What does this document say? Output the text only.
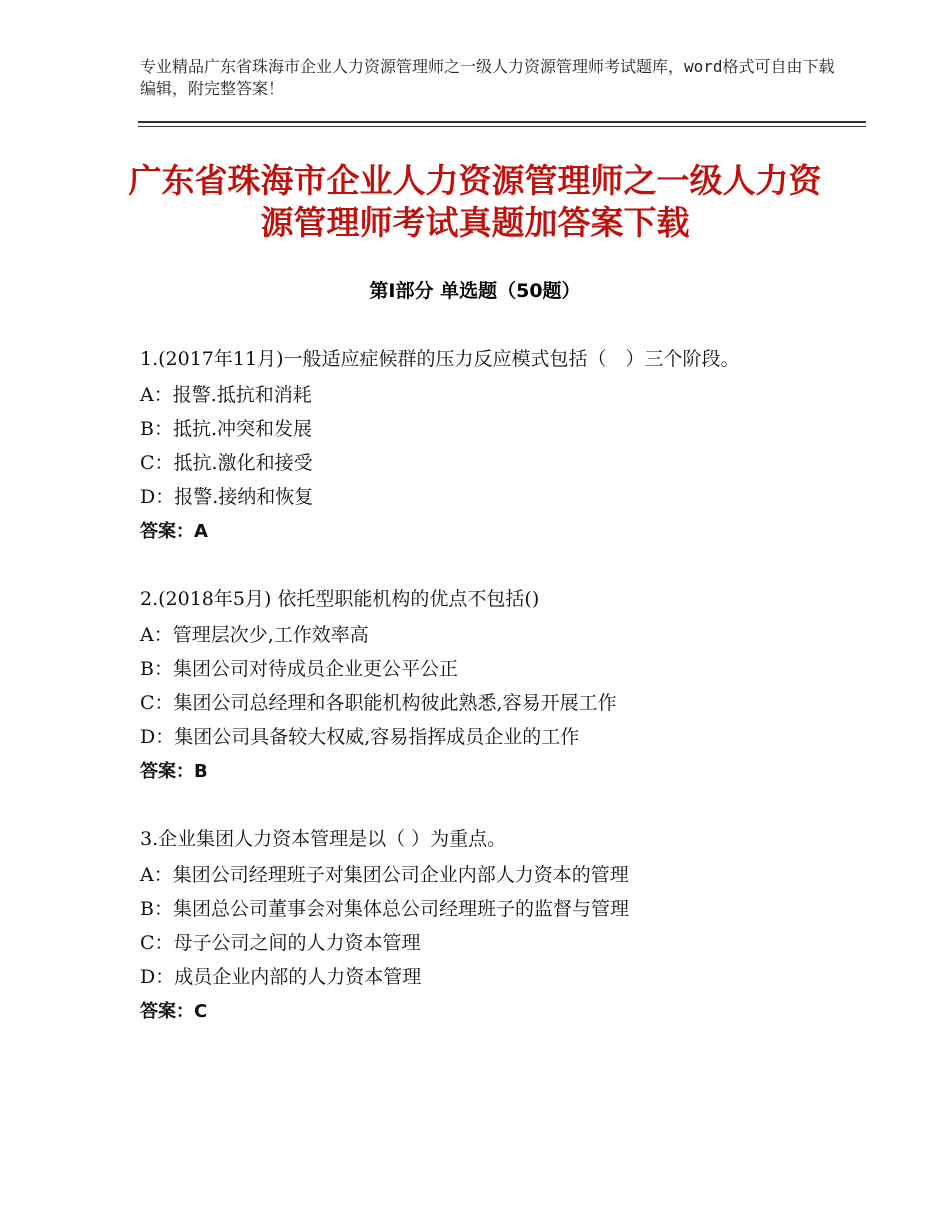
专业精品广东省珠海市企业人力资源管理师之一级人力资源管理师考试题库，word格式可自由下载编辑，附完整答案！
广东省珠海市企业人力资源管理师之一级人力资源管理师考试真题加答案下载
第Ⅰ部分 单选题（50题）
1.(2017年11月)一般适应症候群的压力反应模式包括（　）三个阶段。
A：报警.抵抗和消耗
B：抵抗.冲突和发展
C：抵抗.激化和接受
D：报警.接纳和恢复
答案：A
2.(2018年5月) 依托型职能机构的优点不包括()
A：管理层次少,工作效率高
B：集团公司对待成员企业更公平公正
C：集团公司总经理和各职能机构彼此熟悉,容易开展工作
D：集团公司具备较大权威,容易指挥成员企业的工作
答案：B
3.企业集团人力资本管理是以（ ）为重点。
A：集团公司经理班子对集团公司企业内部人力资本的管理
B：集团总公司董事会对集体总公司经理班子的监督与管理
C：母子公司之间的人力资本管理
D：成员企业内部的人力资本管理
答案：C
